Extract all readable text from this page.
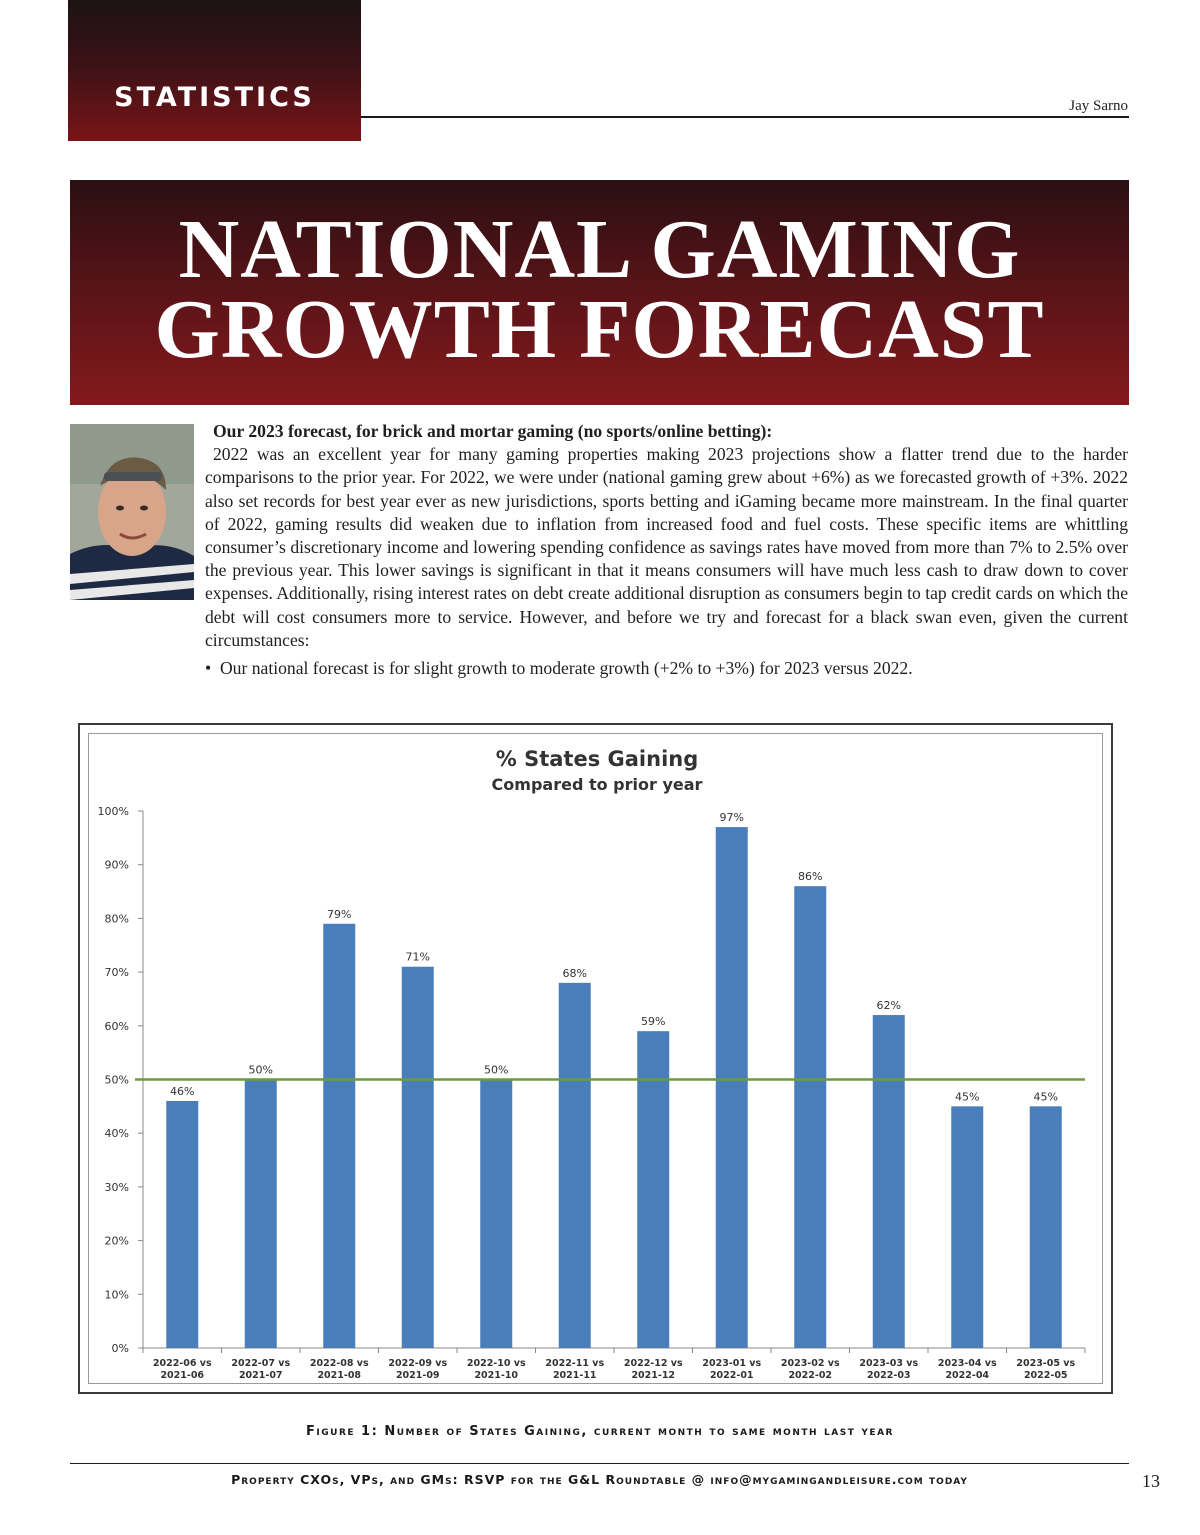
STATISTICS	Jay Sarno
NATIONAL GAMING
GROWTH FORECAST
Our 2023 forecast, for brick and mortar gaming (no sports/online betting):
2022 was an excellent year for many gaming properties making 2023 projections show a flatter trend due to the harder comparisons to the prior year. For 2022, we were under (national gaming grew about +6%) as we forecasted growth of +3%. 2022 also set records for best year ever as new jurisdictions, sports betting and iGaming became more mainstream. In the final quarter of 2022, gaming results did weaken due to inflation from increased food and fuel costs. These specific items are whittling consumer’s discretionary income and lowering spending confidence as savings rates have moved from more than 7% to 2.5% over the previous year. This lower savings is significant in that it means consumers will have much less cash to draw down to cover expenses. Additionally, rising interest rates on debt create additional disruption as consumers begin to tap credit cards on which the debt will cost consumers more to service. However, and before we try and forecast for a black swan even, given the current circumstances:
•  Our national forecast is for slight growth to moderate growth (+2% to +3%) for 2023 versus 2022.
% States Gaining
Compared to prior year
0%
10%
20%
30%
40%
50%
60%
70%
80%
90%
100%
46%
2022-06 vs
2021-06
50%
2022-07 vs
2021-07
79%
2022-08 vs
2021-08
71%
2022-09 vs
2021-09
50%
2022-10 vs
2021-10
68%
2022-11 vs
2021-11
59%
2022-12 vs
2021-12
97%
2023-01 vs
2022-01
86%
2023-02 vs
2022-02
62%
2023-03 vs
2022-03
45%
2023-04 vs
2022-04
45%
2023-05 vs
2022-05
Figure 1: Number of States Gaining, current month to same month last year
Property CXOs, VPs, and GMs: RSVP for the G&L Roundtable @ info@mygamingandleisure.com today	13
